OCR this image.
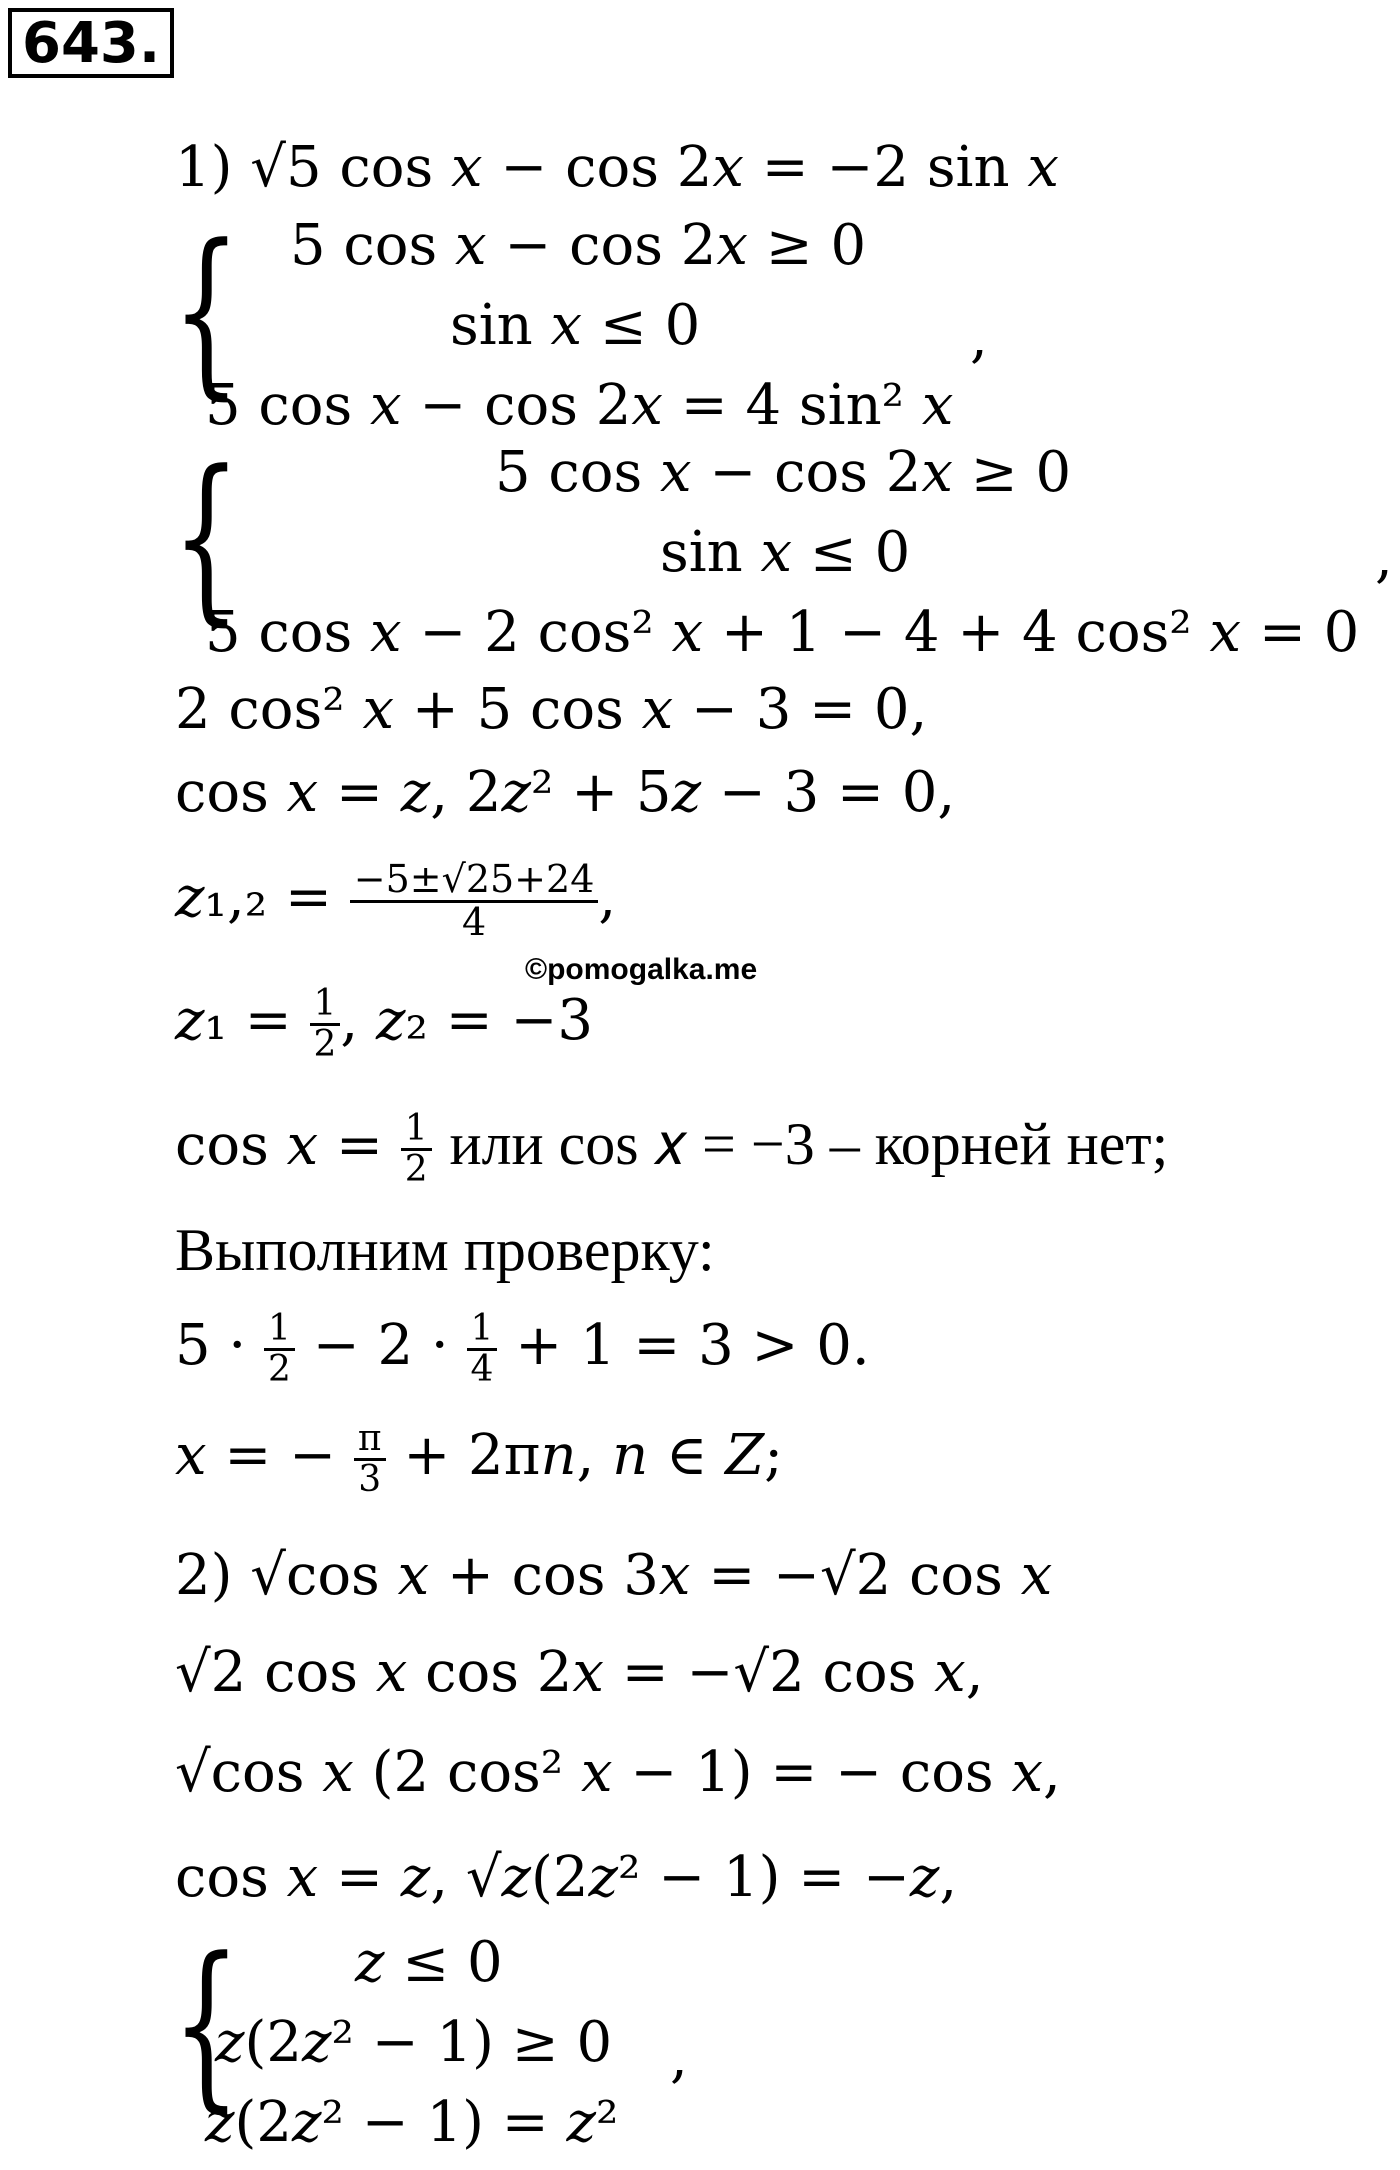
643.
1) √5 cos 𝑥 − cos 2𝑥 = −2 sin 𝑥
{ 5 cos 𝑥 − cos 2𝑥 ≥ 0
sin 𝑥 ≤ 0
5 cos 𝑥 − cos 2𝑥 = 4 sin² 𝑥
,
{	5 cos 𝑥 − cos 2𝑥 ≥ 0
sin 𝑥 ≤ 0
5 cos 𝑥 − 2 cos² 𝑥 + 1 − 4 + 4 cos² 𝑥 = 0
,
2 cos² 𝑥 + 5 cos 𝑥 − 3 = 0,
cos 𝑥 = 𝑧, 2𝑧² + 5𝑧 − 3 = 0,
𝑧₁,₂ = $\frac{-5\pm√25+24}{4}$ ,
©pomogalka.me
𝑧₁ = $\frac{1}{2}$ , 𝑧₂ = −3
cos 𝑥 = $\frac{1}{2}$ или cos 𝑥 = −3 – корней нет;
Выполним проверку:
$5 \cdot \frac{1}{2} - 2 \cdot \frac{1}{4} + 1 = 3 > 0$.
𝑥 = − $\frac{\pi}{3}$ + 2π𝑛, 𝑛 ∈ 𝑍;
2) √cos 𝑥 + cos 3𝑥 = −√2 cos 𝑥
√2 cos 𝑥 cos 2𝑥 = −√2 cos 𝑥,
√cos 𝑥 (2 cos² 𝑥 − 1) = − cos 𝑥,
cos 𝑥 = 𝑧, √𝑧(2𝑧² − 1) = −𝑧,
{ 𝑧 ≤ 0
𝑧(2𝑧² − 1) ≥ 0
𝑧(2𝑧² − 1) = 𝑧²
,
